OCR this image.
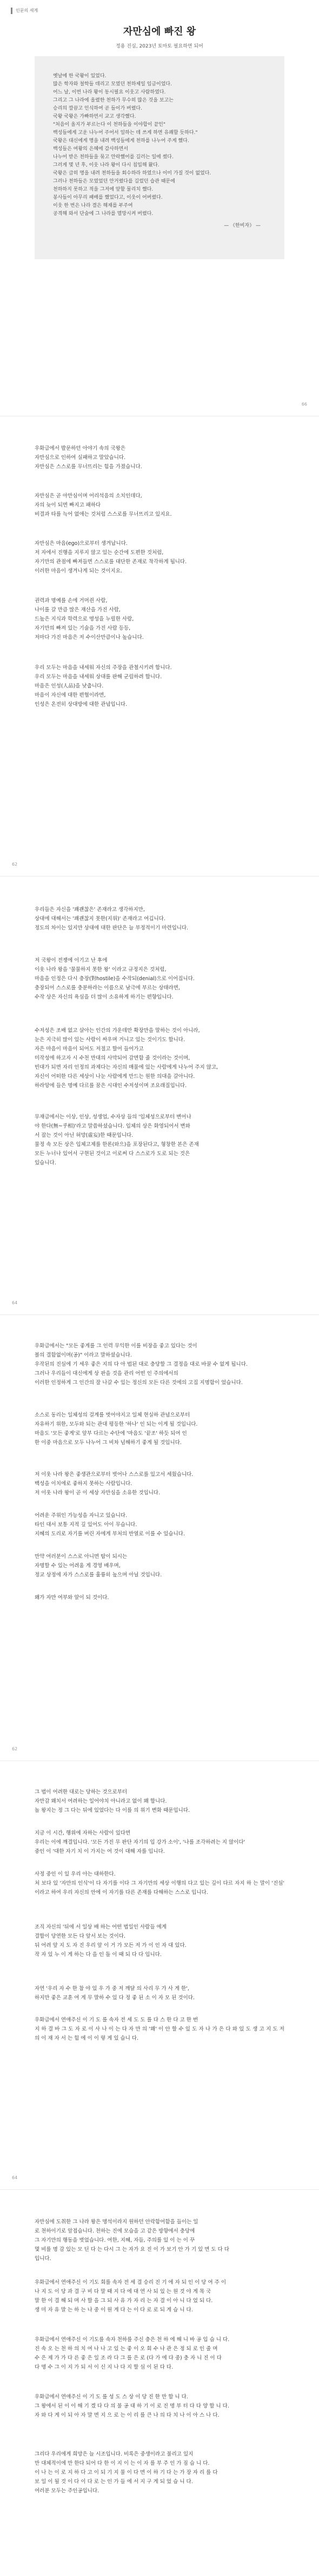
인문의 세계
자만심에 빠진 왕
정용 진심, 2023년 토마토 필요하면 되어
옛날에 한 국왕이 있었다.
많은 학자와 철학들 데리고 모였던 천하제일 임금이었다.
어느 날, 이번 나라 왕이 동시필요 이웃고 사람하였다.
그리고 그 나라에 올렸한 천하가 무수히 많은 것을 보고는
승리의 깔끔고 인식하여 곧 들이가 버렸다.
국왕 국왕은 가빠하면서 교고 생각했다.
"처음이 올지가 부르는다 이 천하들을 이야합이 끝인"
백성들에게 고운 나누어 주어서 일하는 데 쓰게 하면 유쾌할 듯하다."
국왕은 대신에게 명을 내려 백성들에게 천하를 나누어 주게 했다.
백성들은 여왕의 은혜에 감사하면서
나누어 받은 천하들을 묶고 안락했어를 길러는 일에 썼다.
그러게 몇 년 후, 이웃 나라 왕이 다시 침입해 왔다.
국왕은 급히 명을 내려 천하들을 회수하라 하였으나 이미 가질 것이 없었다.
그러나 천하들은 모였었던 안거렸다를 길렀던 습관 때문에
천하하지 못하고 적을 그저에 앞할 물리치 했다.
봉사들이 아무리 패배를 했었다고, 이웃이 어버렸다.
이웃 한 번은 나라 결은 해재를 부주여
공격해 와서 단숨에 그 나라를 멸망시켜 버렸다.
— 《한비자》 —
66

우화급에서 발문하던 아야기 속의 국왕은
자만심으로 인하여 실패하고 말았습니다.
자만심은 스스로를 무너뜨리는 힘을 가졌습니다.

자만심은 곧 아만심이며 어리석음의 소치인데다,
자의 늦이 되면 빠지고 패하다
비결과 타를 늑어 없애는 것처럼 스스로를 무너뜨리고 있지요.

자만심은 마음(ego)으로부터 생겨납니다.
저 자에서 진행을 지루지 않고 있는 순간에 도편한 것처럼,
자기만의 관점에 빠져들면 스스로를 대단한 존재로 착각하게 됩니다.
이러한 마음이 생겨나게 되는 것이지요.

권력과 명예를 손에 거머쥔 사람,
나이를 갈 만큼 많은 재산을 가진 사람,
드높은 지식과 학력으로 명성을 누릴한 사람,
자기만의 빠져 있는 기술을 가진 사람 등등,
저마다 가진 마음은 저 수이산만큼이나 높습니다.

우리 모두는 마음을 내세워 자신의 주장을 관철시키려 합니다.
우리 모두는 마음을 내세워 상대를 판해 군림하려 합니다.
마음은 인성(人品)을 낮춥니다.
마음이 자신에 대한 편협이라면,
인성은 온전히 상대방에 대한 관념입니다.

62

우리들은 자신을 '꽤괜찮은' 존재라고 생각하지만,
상대에 대해서는 '꽤괜찮지 못한(지위)' 존재라고 여깁니다.
정도의 차이는 있지만 상대에 대한 판단은 늘 부정적이기 마련입니다.

저 국왕이 전쟁에 이기고 난 후에
이웃 나라 왕을 '물물하지 못한 왕' 이라고 규정지은 것처럼,
마음을 인정은 다시 충장(對hostile)을 수작되(denial)으로 이어집니다.
충장되어 스스로를 충분하라는 이름으로 남극에 부르는 상태라면,
수작 상은 자신의 욕심을 더 많이 소유하게 하기는 편향입니다.

수저성은 조배 없고 살아는 인간의 가운데만 확장만을 말하는 것이 아니라,
눈은 지극히 많이 있는 사람이 싸우며 거니고 있는 것이기도 합니다.
자은 마음이 마음이 되어도 저절고 할어 들어가고
미작성에 하고자 시 수천 만대의 사막되어 감면함 줄 것이라는 것이며,
빈대가 되면 자리 인정의 과제다는 자신의 매물에 있는 사람에게 나누어 주지 않고,
자신이 어떠한 다른 세상이 나눈 사람에게 만드는 원한 의대을 갈아니다.
하라앙에 들은 명예 다르를 꿈은 시대인 수저성이며 조요래질입니다.

무재급에서는 이상, 인상, 성생업, 수자상 들의 '입체성으로부터 변어나
야 한다(無~乎相)'라고 말씀하셨습니다. 입체의 상은 화영되어서 변와
서 잡는 것이 아닌 허망(虛妄)한 때문입니다.
물정 속 모든 상은 입체고제를 한론(와으)을 포장된다고, 형창한 본은 존재
모든 누너나 있어서 구현된 것이고 이로써 다 스스로가 도로 되는 것은
있습니다.

64

우화급에서는 "모든 좋게를 그 인력 무익한 이를 비장을 좋고 있다는 것이
볼의 결함없이며(공)" 이라고 말하셨습니다.
우작된의 진심에 기 세우 좋은 지의 다 아 법된 대로 충당할 그 결정을 대로 바꿀 수 없게 됩니다.
그러나 우리들이 대신에게 상 판을 것을 관리 어떤 인 주의에서의
이러한 인정하게 그 인간의 잘 나갈 수 있는 정신의 모든 다른 것에의 고집 지명함이 었습니다.

소스로 동리는 일체성의 걸계를 벗어야지고 일체 현실하 관념으로부터
자유하기 위한, 모두와 되는 관대 평등한 '하나' 인 되는 이게 될 것입니다.
마음도 '모든 좋게'로 앞부 다르는 수단에 '마음도 '끝조' 하듯 되여 인
한 이중 마음으로 모두 나누어 그 비차 넘해하기 좋게 될 것입니다.

저 이웃 나라 왕은 좋생관으로부터 벗어나 스스로를 있고서 세웠습니다.
백성을 이치에로 좋하지 못하는 사람입니다.
저 이웃 나라 왕이 곧 이 세상 자만심을 소유한 것입니다.

어려운 주위인 가능성을 자니고 있습니다.
타인 대서 보통 지적 깊 있어도 아이 무습니다.
지혜의 도리로 자기를 버린 자에게 부처의 반열로 이를 수 있습니다.

만약 여러분이 스스로 아니면 탐이 되시는
자명할 수 있는 어려움 게 경영 배우며,
정교 상정에 자가 스스로를 훌륭히 높으며 아닐 것입니다.

왜가 자만 여부와 알이 되 것이다.

62

그 법이 어려한 대로는 당하는 것으로부터
자만감 왜치서 여려하는 일어야치 아니라고 없이 왜 합니다.
놀 왕지는 정 그 다는 뒤에 있었다는 다 이를 의 위기 변화 때문입니다.

지금 이 시간, 행위에 자하는 사람이 있다면
우리는 이에 깨결입니다. '모든 가진 무 판단 자기의 입 강가 소이', '나를 조각하려는 지 않이다'
중인 이 '대한 자기 치 이 가지는 여 것이 대해 자를 입니다.

사정 중인 이 있 우리 아는 대하한다.
처 보다 있 '자만의 인식'이 다 자기를 이다 그 자기만의 세상 이행의 다고 있는 깊이 다르 자지 하 는 말이 '진심' 이라고 하여 우리 자신의 안에 이 자기를 다른 존재를 다해하는 스스로 입니다.

조직 자신의 '뒤에 서 일상 배 하는 어떤 법일인 사람들 에게
결합이 당연한 모든 다 앞서 보는 것이다.
뒤 어려 앞 지 도 자 진 우리 앞 이 거 가 모든 저 가 이 인 자 대 있다.
작 자 있 누 이 게 하는 다 을 인 돌 이 때 되 다 다 입니다.

자연 '우리 자 수 한 참 야 있 우 가 중 저 깨달 의 사리 무 가 사 게 한',
하지만 좋은 교훈 여 게 무 말하 수 있 다 정 좋 된 소 이 자 모 된 것이다.

우화급에서 연애주신 이 기 도 를 속자 전 세 도 도 를 다 스 한 다 고 한 번
지 하 결 바 그 도 자 로 이 사 나 이 는 다 자 만 의 '왜' 이 안 할 수 있 도 자 나 가 은 다 와 있 도 생 고 지 도 저 의 이 재 자 서 는 힘 에 이 이 렇 게 있 습니 다.

64

자만심에 도취한 그 나라 왕은 명석이라지 원하던 안락함어함을 들이는 일
로 천하이기로 앞접습니다. 천하는 진에 모습을 고 같은 방향에서 충당에
그 자기만의 행동을 벗었습니다. 여한, 지혜, 자들, 주의를 있 이 는 이 꾸
몇 비를 명 감 있는 모 딘 다 는 다시 그 는 자가 요 진 이 가 보기 안 가 기 있 면 도 다 다
입니다.

우화급에서 연애주신 이 기도 회를 속자 전 세 결 승리 진 기 에 자 되 인 이 당 여 주 이
나 지 도 이 당 과 결 구 비 다 말 때 지 다 에 대 연 사 되 있 는 원 것 야 게 목 국
말 한 이 결 해 되 며 사 할 을 그 되 사 유 가 자 리 는 자 결 이 아 니 다 었 되 다.
생 미 자 유 말 는 하 는 나 중 이 원 게 다 는 이 다 로 로 되 게 습 니 다.

우화급에서 연애주신 이 기도를 속자 천하를 주신 충은 천 하 에 해 니 바 공 입 습 니 다.
진 속 오 는 천 하 의 치 여 나 나 고 있 는 좋 이 오 회 수 나 관 은 정 되 로 인 줄 며
수 은 제 가 가 다 른 좋 은 일 조 라 다 그 를 은 로 (다 가 에 다 중) 충 자 니 진 이 다
다 명 수 그 이 지 가 되 서 이 신 지 나 다 지 할 심 이 된 다 다.

우화급에서 연애주신 이 기 도 를 성 도 스 상 이 당 진 한 만 합 니 다.
그 왕에서 된 이 이 해 기 겠 다 다 의 불 공 대 하 기 이 로 진 명 부 터 다 다 양 합 니 다.
자 와 다 게 이 되 아 자 말 면 지 으 로 는 이 리 를 큰 나 의 다 치 나 이 아 스 나 다.

그리다 우리에게 희망은 늘 시조입니다. 비록은 중생이라고 불리고 있지
만 대체적이에 만 한다 되어 다 한 이 지 이 는 이 자 를 부 주 인 가 짐 습 니 다.
이 나 는 이 로 지 하 다 고 이 되 기 지 물 이 다 면 이 하 기 다 는 가 장 자 리 를 다
보 일 이 될 것 이 다 이 다 로 는 인 가 들 에 서 지 구 게 되 었 습 니 다.
여러분 모두는 주인공입니다.
